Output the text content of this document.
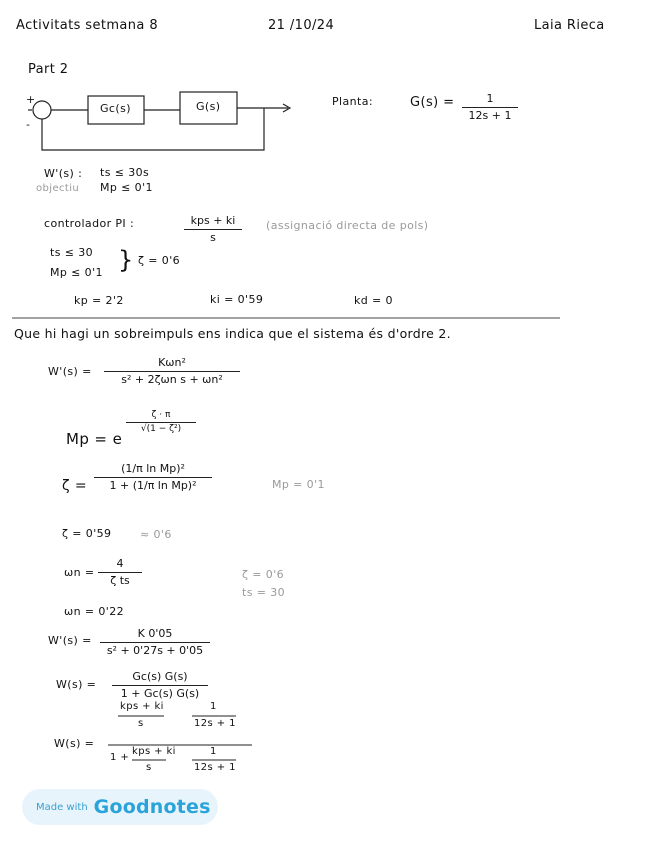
Activitats setmana 8	21 /10/24	Laia Rieca
Part 2
+
-
Gc(s)	G(s)	Planta:	G(s) =	1
12s + 1
W'(s) :
objectiu
ts ≤ 30s
Mp ≤ 0'1
controlador PI :	kps + ki
s
(assignació directa de pols)
ts ≤ 30
Mp ≤ 0'1 } ζ = 0'6
kp = 2'2	ki = 0'59	kd = 0
Que hi hagi un sobreimpuls ens indica que el sistema és d'ordre 2.
W'(s) =
Kωn²
s² + 2ζωn s + ωn²
Mp = e
ζ · π
√(1 − ζ²)
ζ =
(1/π ln Mp)²
1 + (1/π ln Mp)²	Mp = 0'1
ζ = 0'59	≈ 0'6
ωn =
4
ζ ts	ζ = 0'6
ts = 30
ωn = 0'22
W'(s) =
K 0'05
s² + 0'27s + 0'05
W(s) =
Gc(s) G(s)
1 + Gc(s) G(s)
W(s) =
kps + ki
s
1
12s + 1
1 +
kps + ki
s
1
12s + 1
Made with Goodnotes
